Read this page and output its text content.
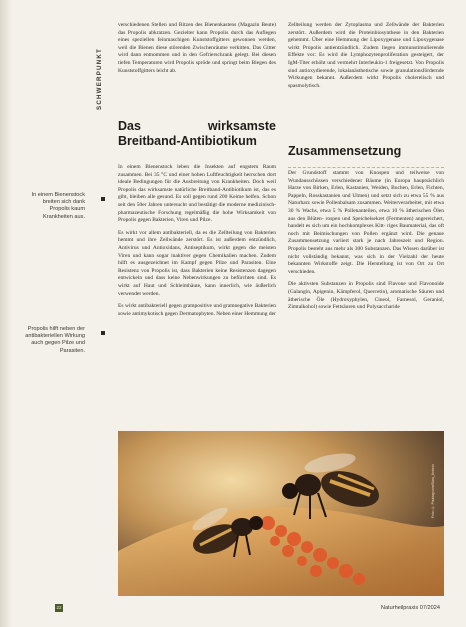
SCHWERPUNKT
In einem Bienenstock breiten sich dank Propolis kaum Krankheiten aus.
Propolis hilft neben der antibakteriellen Wirkung auch gegen Pilze und Parasiten.

verschiedenen Stellen und Ritzen des Bienenkastens (Magazin Beute) das Propolis abkratzen. Gezielter kann Propolis durch das Auflegen eines speziellen feinmaschigen Kunststoffgitters gewonnen werden, weil die Bienen diese störenden Zwischenräume verkitten. Das Gitter wird dann entnommen und in den Gefrierschrank gelegt. Bei diesen tiefen Temperaturen wird Propolis spröde und springt beim Biegen des Kunststoffgitters leicht ab.

Das wirksamste Breitband-Antibiotikum

In einem Bienenstock leben die Insekten auf engstem Raum zusammen. Bei 35 °C und einer hohen Luftfeuchtigkeit herrschen dort ideale Bedingungen für die Ausbreitung von Krankheiten. Doch weil Propolis das wirksamste natürliche Breitband-Antibiotikum ist, das es gibt, bleiben alle gesund. Es soll gegen rund 200 Keime helfen. Schon seit den 50er Jahren untersucht und bestätigt die moderne medizinisch-pharmazeutische Forschung regelmäßig die hohe Wirksamkeit von Propolis gegen Bakterien, Viren und Pilze.

Es wirkt vor allem antibakteriell, da es die Zellteilung von Bakterien hemmt und ihre Zellwände zerstört. Es ist außerdem entzündlich, Antivirus und Antioxidans, Antiseptikum, wirkt gegen die meisten Viren und kann sogar inaktiver gegen Chemikalien machen. Zudem hilft es ausgezeichnet im Kampf gegen Pilze und Parasiten. Eine Resistenz von Propolis ist, dass Bakterien keine Resistenzen dagegen entwickeln und dass keine Nebenwirkungen zu befürchten sind. Es wirkt auf Haut und Schleimhäute, kann innerlich, wie äußerlich verwendet werden.

Es wirkt antibakteriell gegen grampositive und gramnegative Bakterien sowie antimykotisch gegen Dermatophyten. Neben einer Hemmung der

Zellteilung werden der Zytoplasma und Zellwände der Bakterien zerstört. Außerdem wird die Proteinbiosynthese in den Bakterien gehemmt. Über eine Hemmung der Lipoxygenase und Lipoxygenase wirkt Propolis antientzündlich. Zudem liegen immunstimulierende Effekte vor: Es wird die Lymphozytenproliferation gesteigert, der IgM-Titer erhöht und vermehrt Interleukin-1 freigesetzt. Von Propolis sind antioxydierende, lokalanästhetische sowie granulationsfördernde Wirkungen bekannt. Außerdem wirkt Propolis cholerelisch und spasmolytisch.

Zusammensetzung

Der Grundstoff stammt von Knospen und teilweise von Wundausschüssen verschiedener Bäume (in Europa hauptsächlich Harze von Birken, Erlen, Kastanien, Weiden, Buchen, Erlen, Fichten, Pappeln, Rosskastanien und Ulmen) und setzt sich zu etwa 55 % aus Naturharz sowie Pollenbalsam zusammen. Weiterverarbeitet, mit etwa 30 % Wachs, etwa 5 % Pollenanteilen, etwa 10 % ätherischen Ölen aus den Blüten- rospen und Speichelsekret (Fermenten) angereichert, handelt es sich um ein hochkomplexes Kitt- riges Baumaterial, das oft noch mit Beimischungen von Pollen ergänzt wird. Die genaue Zusammensetzung variiert stark je nach Jahreszeit und Region. Propolis besteht aus mehr als 300 Substanzen. Das Wissen darüber ist nicht vollständig bekannt, was sich in der Vielzahl der heute bekannten Wirkstoffe zeigt. Die Herstellung ist von Ort zu Ort verschieden.

Die aktivsten Substanzen in Propolis sind Flavone und Flavonoide (Galangin, Apigenin, Kämpferol, Quercetin), aromatische Säuren und ätherische Öle (Hydroxyphylen, Cineol, Farnesol, Geraniol, Zimtalkohol) sowie Fettsäuren und Polysaccharide

Foto: © Pixabay.com/Sam_Antonio
22	Naturheilpraxis 07/2024
